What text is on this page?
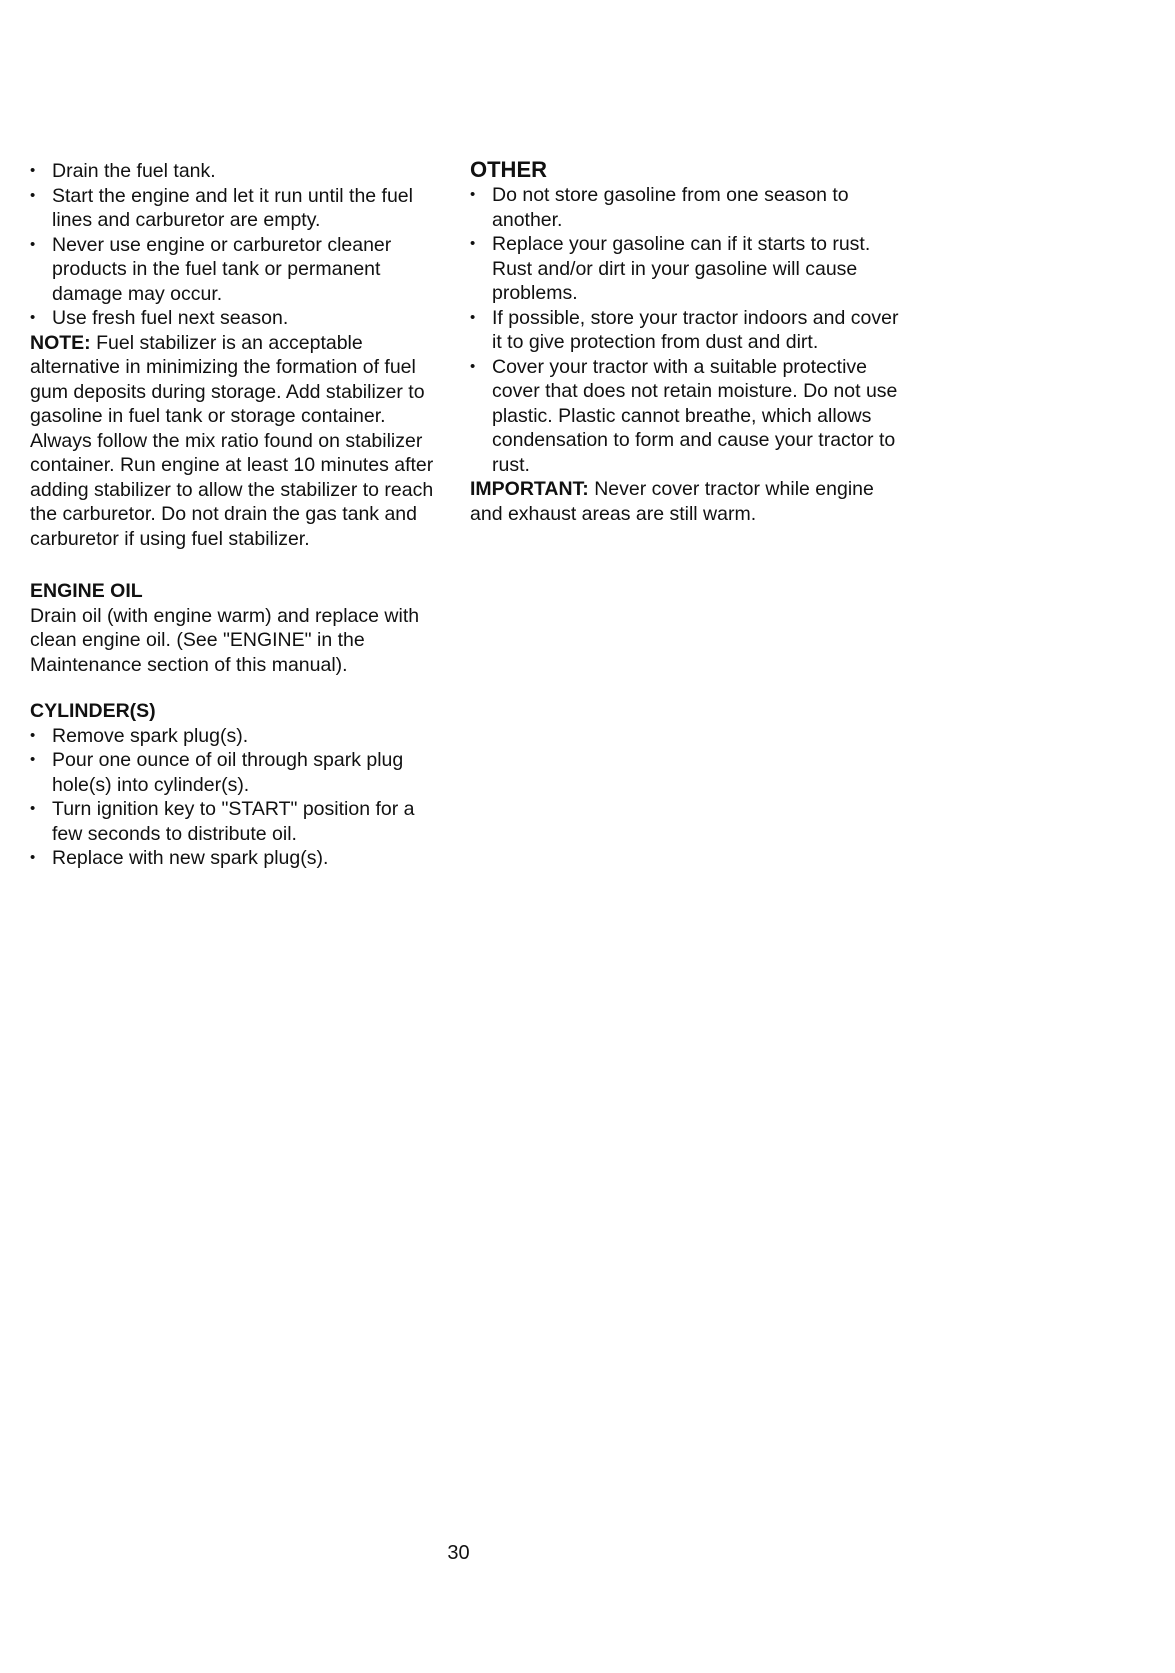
• Drain the fuel tank.
• Start the engine and let it run until the fuel lines and carburetor are empty.
• Never use engine or carburetor cleaner products in the fuel tank or permanent damage may occur.
• Use fresh fuel next season.

NOTE: Fuel stabilizer is an acceptable alternative in minimizing the formation of fuel gum deposits during storage. Add stabilizer to gasoline in fuel tank or storage container. Always follow the mix ratio found on stabilizer container. Run engine at least 10 minutes after adding stabilizer to allow the stabilizer to reach the carburetor. Do not drain the gas tank and carburetor if using fuel stabilizer.

ENGINE OIL

Drain oil (with engine warm) and replace with clean engine oil. (See "ENGINE" in the Maintenance section of this manual).

CYLINDER(S)
• Remove spark plug(s).
• Pour one ounce of oil through spark plug hole(s) into cylinder(s).
• Turn ignition key to "START" position for a few seconds to distribute oil.
• Replace with new spark plug(s).
OTHER
• Do not store gasoline from one season to another.
• Replace your gasoline can if it starts to rust. Rust and/or dirt in your gasoline will cause problems.
• If possible, store your tractor indoors and cover it to give protection from dust and dirt.
• Cover your tractor with a suitable protective cover that does not retain moisture. Do not use plastic. Plastic cannot breathe, which allows condensation to form and cause your tractor to rust.

IMPORTANT: Never cover tractor while engine and exhaust areas are still warm.

30
